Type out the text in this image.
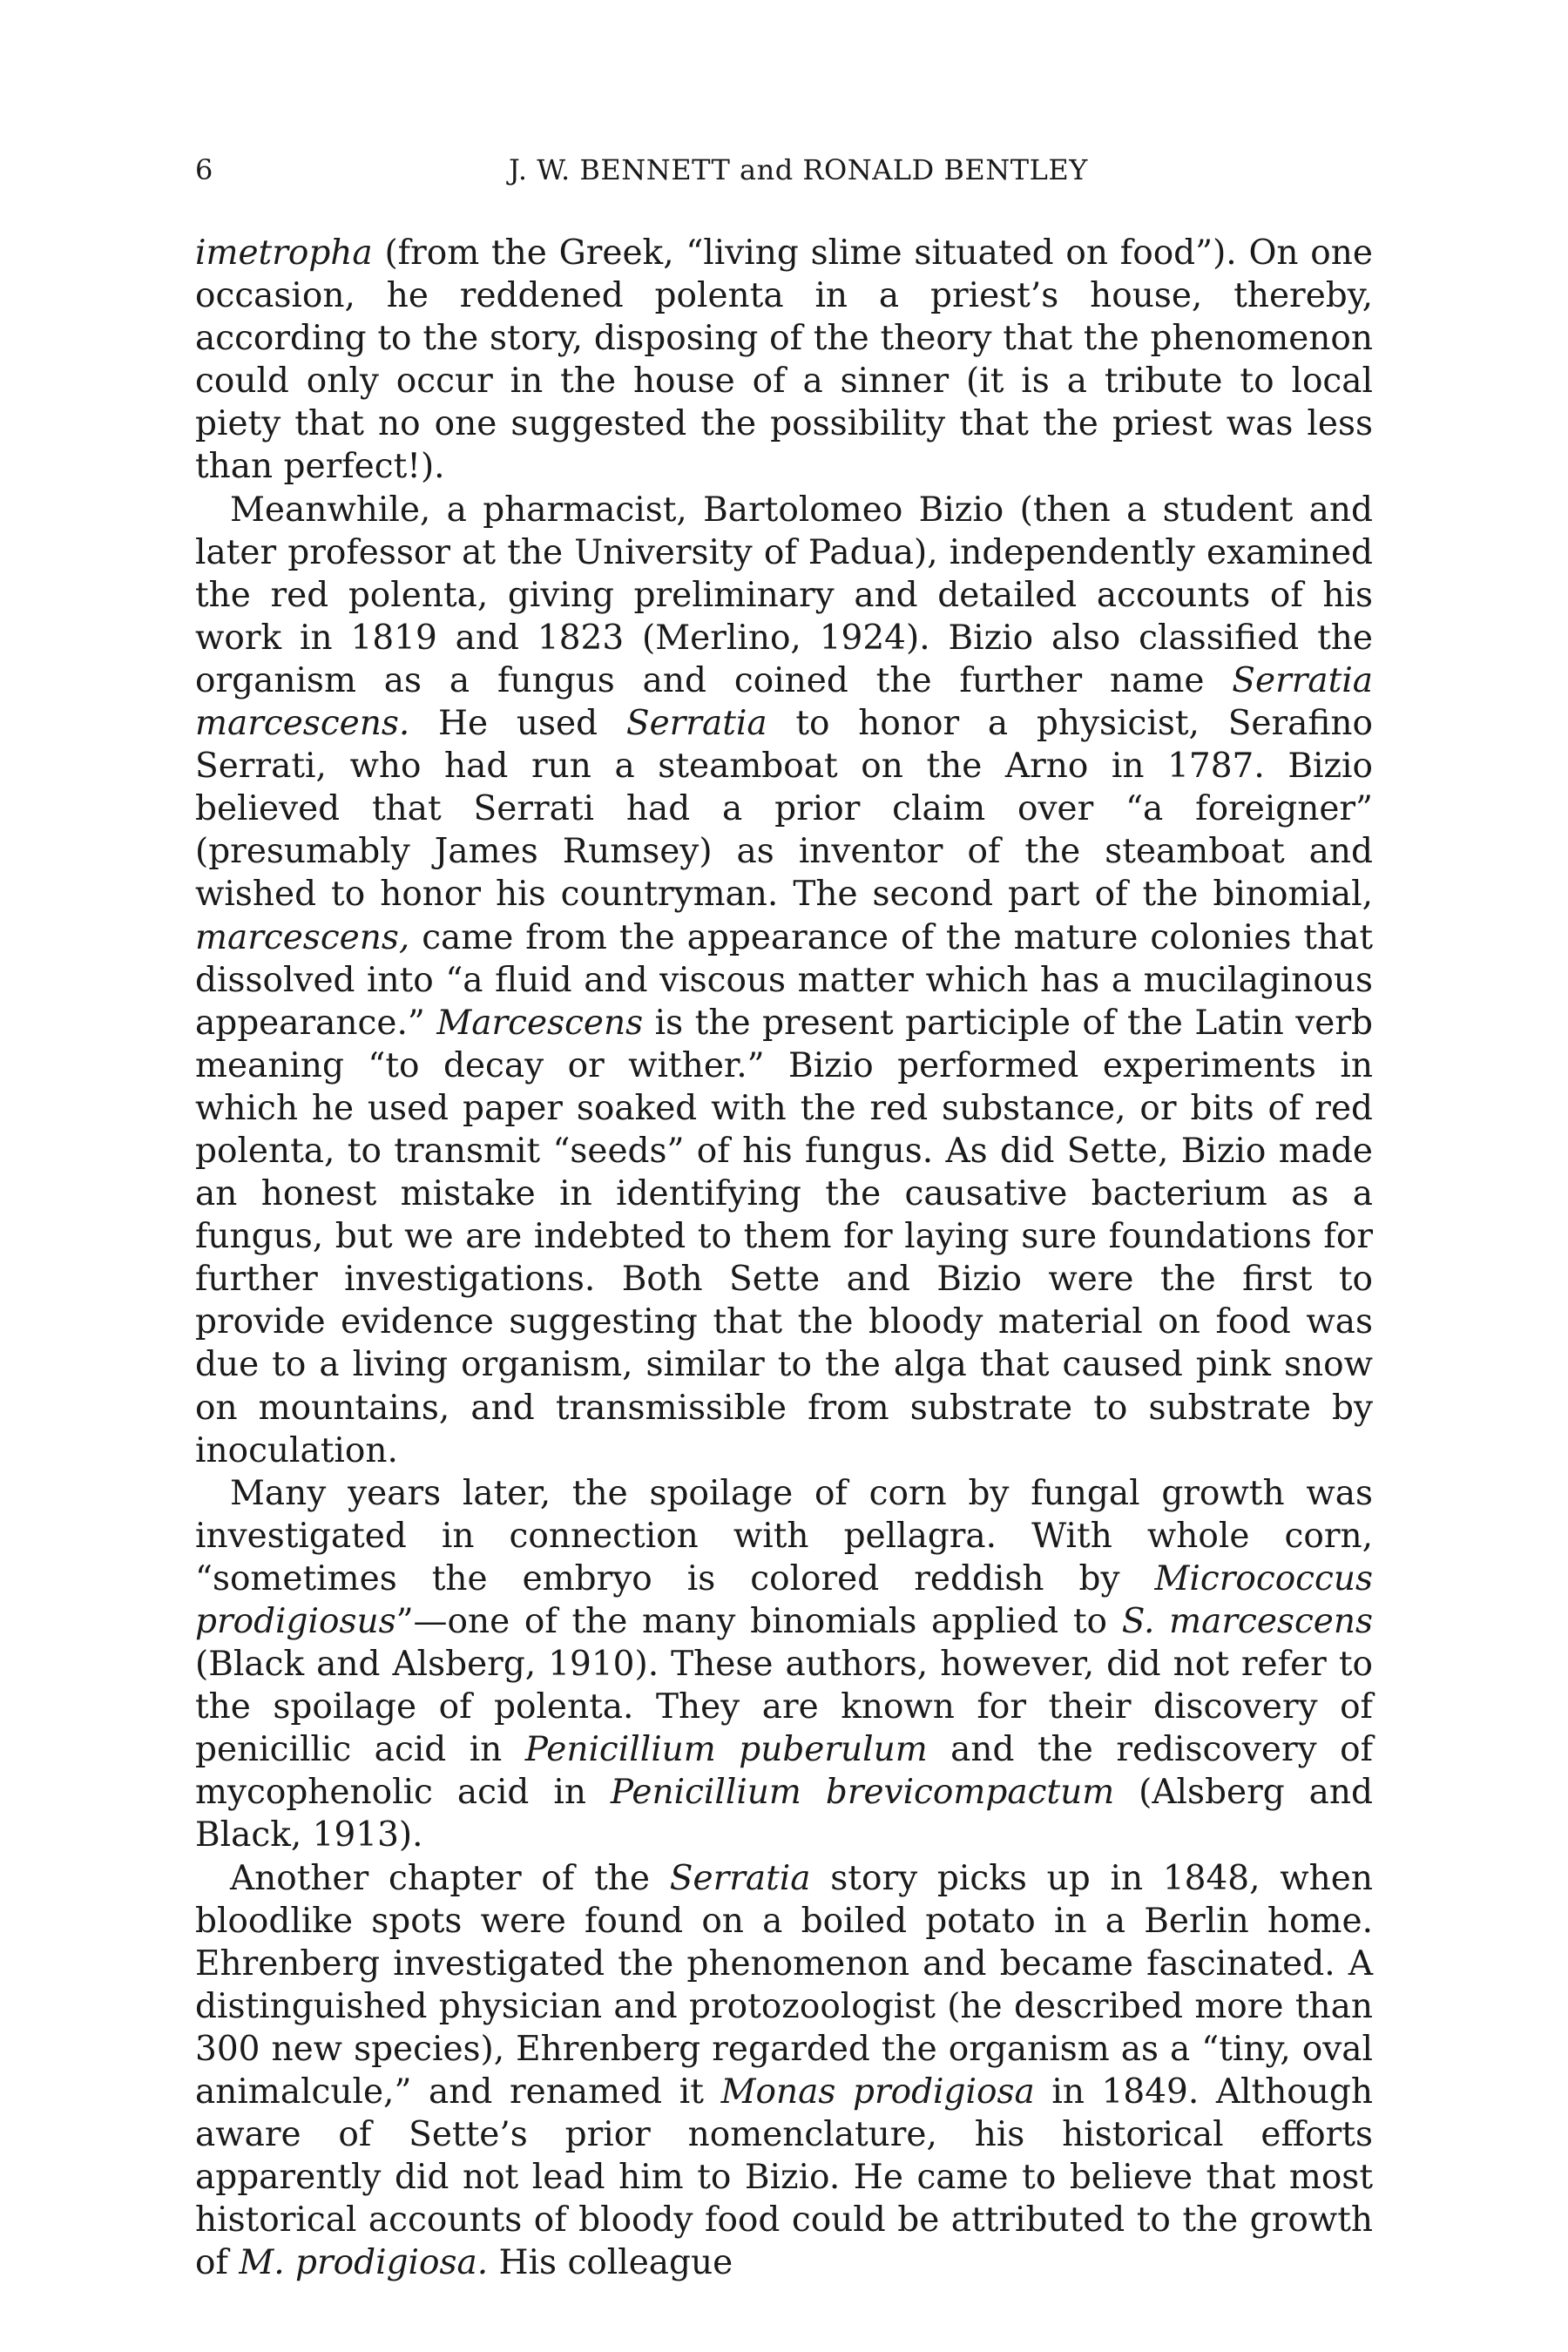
6	J. W. BENNETT and RONALD BENTLEY

imetropha (from the Greek, “living slime situated on food”). On one occasion, he reddened polenta in a priest’s house, thereby, according to the story, disposing of the theory that the phenomenon could only occur in the house of a sinner (it is a tribute to local piety that no one suggested the possibility that the priest was less than perfect!).

Meanwhile, a pharmacist, Bartolomeo Bizio (then a student and later professor at the University of Padua), independently examined the red polenta, giving preliminary and detailed accounts of his work in 1819 and 1823 (Merlino, 1924). Bizio also classified the organism as a fungus and coined the further name Serratia marcescens. He used Serratia to honor a physicist, Serafino Serrati, who had run a steamboat on the Arno in 1787. Bizio believed that Serrati had a prior claim over “a foreigner” (presumably James Rumsey) as inventor of the steamboat and wished to honor his countryman. The second part of the binomial, marcescens, came from the appearance of the mature colonies that dissolved into “a fluid and viscous matter which has a mucilaginous appearance.” Marcescens is the present participle of the Latin verb meaning “to decay or wither.” Bizio performed experiments in which he used paper soaked with the red substance, or bits of red polenta, to transmit “seeds” of his fungus. As did Sette, Bizio made an honest mistake in identifying the causative bacterium as a fungus, but we are indebted to them for laying sure foundations for further investigations. Both Sette and Bizio were the first to provide evidence suggesting that the bloody material on food was due to a living organism, similar to the alga that caused pink snow on mountains, and transmissible from substrate to substrate by inoculation.

Many years later, the spoilage of corn by fungal growth was investigated in connection with pellagra. With whole corn, “sometimes the embryo is colored reddish by Micrococcus prodigiosus”—one of the many binomials applied to S. marcescens (Black and Alsberg, 1910). These authors, however, did not refer to the spoilage of polenta. They are known for their discovery of penicillic acid in Penicillium puberulum and the rediscovery of mycophenolic acid in Penicillium brevicompactum (Alsberg and Black, 1913).

Another chapter of the Serratia story picks up in 1848, when bloodlike spots were found on a boiled potato in a Berlin home. Ehrenberg investigated the phenomenon and became fascinated. A distinguished physician and protozoologist (he described more than 300 new species), Ehrenberg regarded the organism as a “tiny, oval animalcule,” and renamed it Monas prodigiosa in 1849. Although aware of Sette’s prior nomenclature, his historical efforts apparently did not lead him to Bizio. He came to believe that most historical accounts of bloody food could be attributed to the growth of M. prodigiosa. His colleague
